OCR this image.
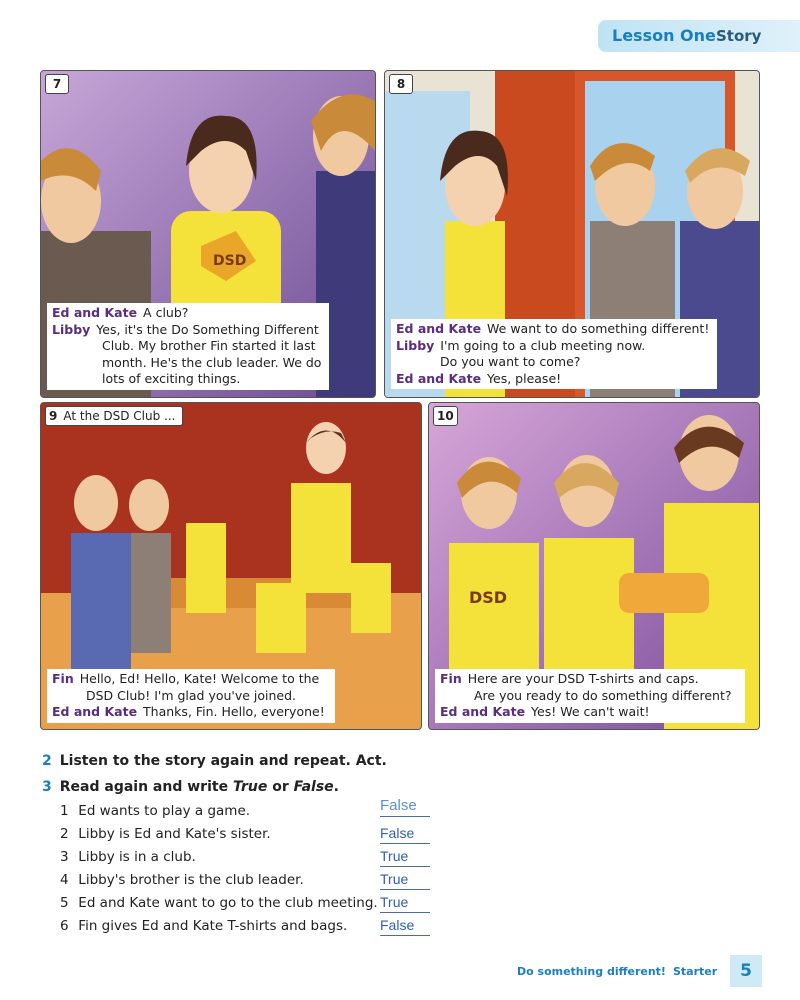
Lesson One Story
DSD
7
Ed and Kate A club?
Libby Yes, it's the Do Something Different
Club. My brother Fin started it last
month. He's the club leader. We do
lots of exciting things.
8
Ed and Kate We want to do something different!
Libby I'm going to a club meeting now.
Do you want to come?
Ed and Kate Yes, please!
9 At the DSD Club ...
Fin Hello, Ed! Hello, Kate! Welcome to the
DSD Club! I'm glad you've joined.
Ed and Kate Thanks, Fin. Hello, everyone!
DSD
10
Fin Here are your DSD T-shirts and caps.
Are you ready to do something different?
Ed and Kate Yes! We can't wait!
2 Listen to the story again and repeat. Act.
3 Read again and write True or False.
1 Ed wants to play a game.	False
2 Libby is Ed and Kate's sister.	False
3 Libby is in a club.	True
4 Libby's brother is the club leader.	True
5 Ed and Kate want to go to the club meeting. True
6 Fin gives Ed and Kate T-shirts and bags. False
Do something different! Starter	5
